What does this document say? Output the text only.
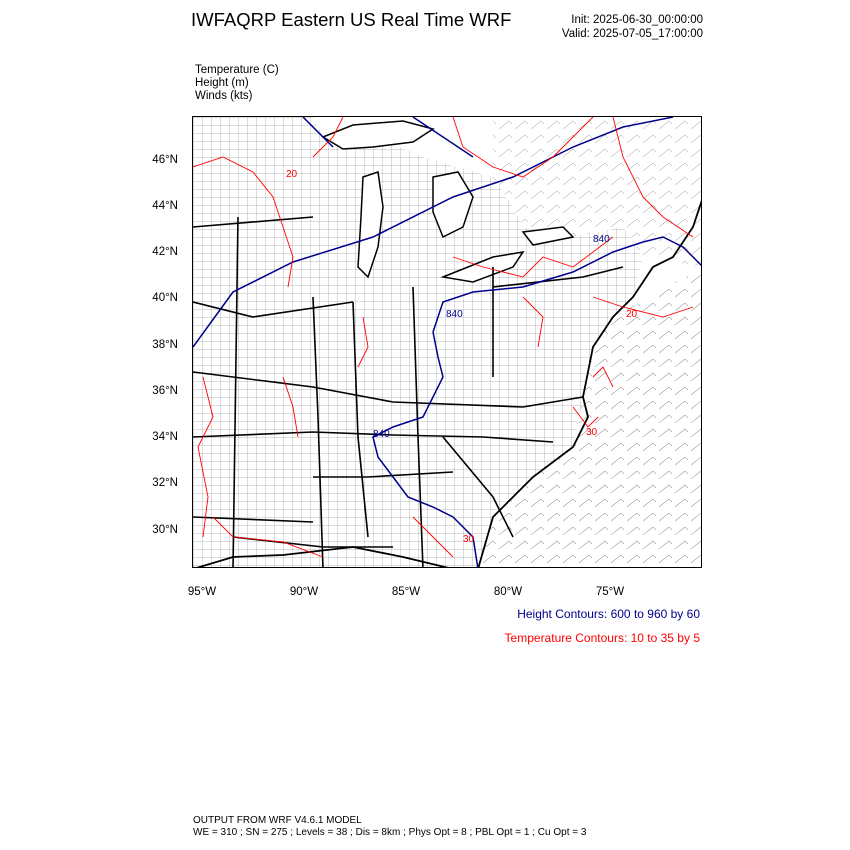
IWFAQRP Eastern US Real Time WRF	Init: 2025-06-30_00:00:00
Valid: 2025-07-05_17:00:00
Temperature (C)
Height (m)
Winds (kts)
840
840
840
20
20
30
30
46°N
44°N
42°N
40°N
38°N
36°N
34°N
32°N
30°N
95°W	90°W	85°W	80°W	75°W
Height Contours: 600 to 960 by 60
Temperature Contours: 10 to 35 by 5
OUTPUT FROM WRF V4.6.1 MODEL
WE = 310 ; SN = 275 ; Levels = 38 ; Dis = 8km ; Phys Opt = 8 ; PBL Opt = 1 ; Cu Opt = 3
